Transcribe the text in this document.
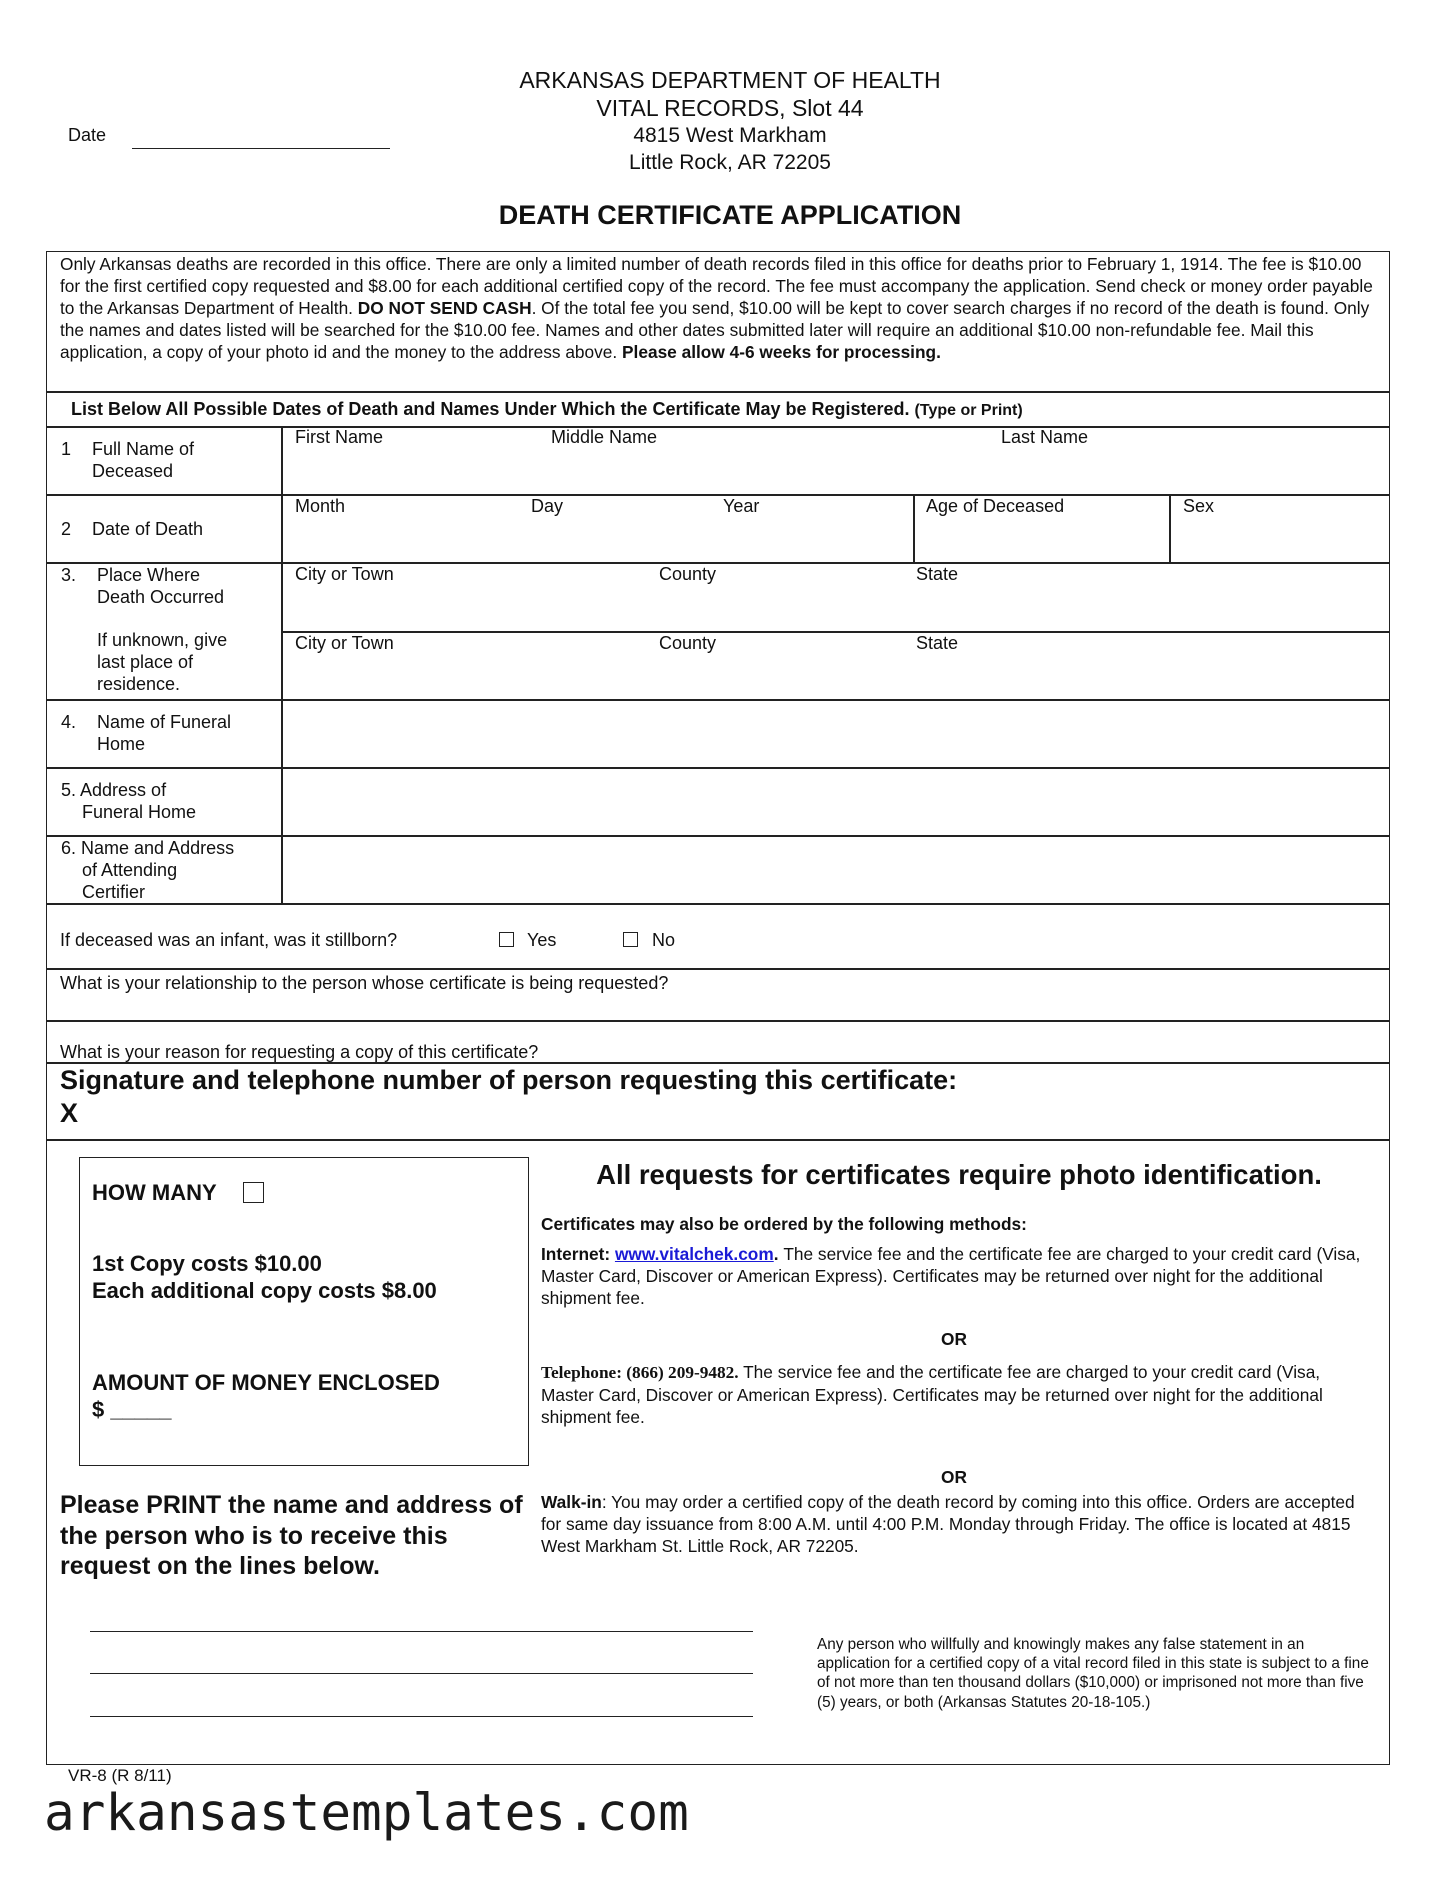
Date
ARKANSAS DEPARTMENT OF HEALTH
VITAL RECORDS, Slot 44
4815 West Markham
Little Rock, AR 72205
DEATH CERTIFICATE APPLICATION
Only Arkansas deaths are recorded in this office. There are only a limited number of death records filed in this office for deaths prior to February 1, 1914. The fee is $10.00 for the first certified copy requested and $8.00 for each additional certified copy of the record. The fee must accompany the application. Send check or money order payable to the Arkansas Department of Health. DO NOT SEND CASH. Of the total fee you send, $10.00 will be kept to cover search charges if no record of the death is found. Only the names and dates listed will be searched for the $10.00 fee. Names and other dates submitted later will require an additional $10.00 non-refundable fee. Mail this application, a copy of your photo id and the money to the address above. Please allow 4-6 weeks for processing.
List Below All Possible Dates of Death and Names Under Which the Certificate May be Registered. (Type or Print)
1 Full Name of
Deceased
First Name	Middle Name	Last Name
2 Date of Death
Month	Day	Year	Age of Deceased	Sex
3. Place Where
Death Occurred
If unknown, give
last place of
residence.
City or Town	County	State
City or Town	County	State
4. Name of Funeral
Home
5. Address of
Funeral Home
6. Name and Address
of Attending
Certifier
If deceased was an infant, was it stillborn?	Yes	No
What is your relationship to the person whose certificate is being requested?
What is your reason for requesting a copy of this certificate?
Signature and telephone number of person requesting this certificate:
X
HOW MANY
1st Copy costs $10.00
Each additional copy costs $8.00
AMOUNT OF MONEY ENCLOSED
$ _____
Please PRINT the name and address of the person who is to receive this request on the lines below.
All requests for certificates require photo identification.
Certificates may also be ordered by the following methods:
Internet: www.vitalchek.com. The service fee and the certificate fee are charged to your credit card (Visa, Master Card, Discover or American Express). Certificates may be returned over night for the additional shipment fee.
OR
Telephone: (866) 209-9482. The service fee and the certificate fee are charged to your credit card (Visa, Master Card, Discover or American Express). Certificates may be returned over night for the additional shipment fee.
OR
Walk-in: You may order a certified copy of the death record by coming into this office. Orders are accepted for same day issuance from 8:00 A.M. until 4:00 P.M. Monday through Friday. The office is located at 4815 West Markham St. Little Rock, AR 72205.
Any person who willfully and knowingly makes any false statement in an application for a certified copy of a vital record filed in this state is subject to a fine of not more than ten thousand dollars ($10,000) or imprisoned not more than five (5) years, or both (Arkansas Statutes 20-18-105.)
VR-8 (R 8/11)
arkansastemplates.com
